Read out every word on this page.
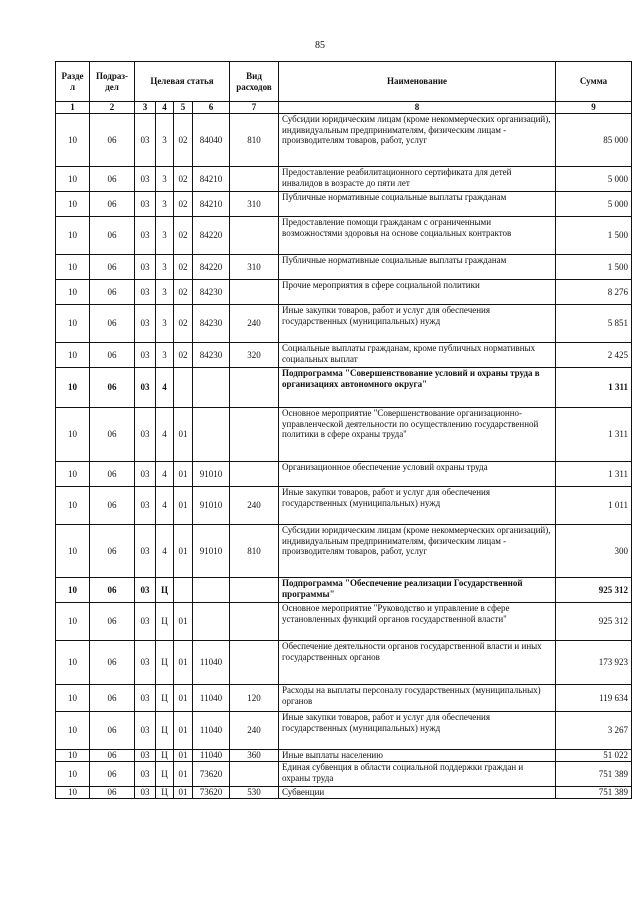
85
Разде л	Подраз- дел	Целевая статья				Вид расходов	Наименование	Сумма
1	2	3	4	5	6	7	8	9
10	06	03	3	02	84040	810	Субсидии юридическим лицам (кроме некоммерческих организаций), индивидуальным предпринимателям, физическим лицам - производителям товаров, работ, услуг	85 000
10	06	03	3	02	84210		Предоставление реабилитационного сертификата для детей инвалидов в возрасте до пяти лет	5 000
10	06	03	3	02	84210	310	Публичные нормативные социальные выплаты гражданам	5 000
10	06	03	3	02	84220		Предоставление помощи гражданам с ограниченными возможностями здоровья на основе социальных контрактов	1 500
10	06	03	3	02	84220	310	Публичные нормативные социальные выплаты гражданам	1 500
10	06	03	3	02	84230		Прочие мероприятия в сфере социальной политики	8 276
10	06	03	3	02	84230	240	Иные закупки товаров, работ и услуг для обеспечения государственных (муниципальных) нужд	5 851
10	06	03	3	02	84230	320	Социальные выплаты гражданам, кроме публичных нормативных социальных выплат	2 425
10	06	03	4				Подпрограмма "Совершенствование условий и охраны труда в организациях автономного округа"	1 311
10	06	03	4	01			Основное мероприятие "Совершенствование организационно-управленческой деятельности по осуществлению государственной политики в сфере охраны труда"	1 311
10	06	03	4	01	91010		Организационное обеспечение условий охраны труда	1 311
10	06	03	4	01	91010	240	Иные закупки товаров, работ и услуг для обеспечения государственных (муниципальных) нужд	1 011
10	06	03	4	01	91010	810	Субсидии юридическим лицам (кроме некоммерческих организаций), индивидуальным предпринимателям, физическим лицам - производителям товаров, работ, услуг	300
10	06	03	Ц				Подпрограмма "Обеспечение реализации Государственной программы"	925 312
10	06	03	Ц	01			Основное мероприятие "Руководство и управление в сфере установленных функций органов государственной власти"	925 312
10	06	03	Ц	01	11040		Обеспечение деятельности органов государственной власти и иных государственных органов	173 923
10	06	03	Ц	01	11040	120	Расходы на выплаты персоналу государственных (муниципальных) органов	119 634
10	06	03	Ц	01	11040	240	Иные закупки товаров, работ и услуг для обеспечения государственных (муниципальных) нужд	3 267
10	06	03	Ц	01	11040	360	Иные выплаты населению	51 022
10	06	03	Ц	01	73620		Единая субвенция в области социальной поддержки граждан и охраны труда	751 389
10	06	03	Ц	01	73620	530	Субвенции	751 389
